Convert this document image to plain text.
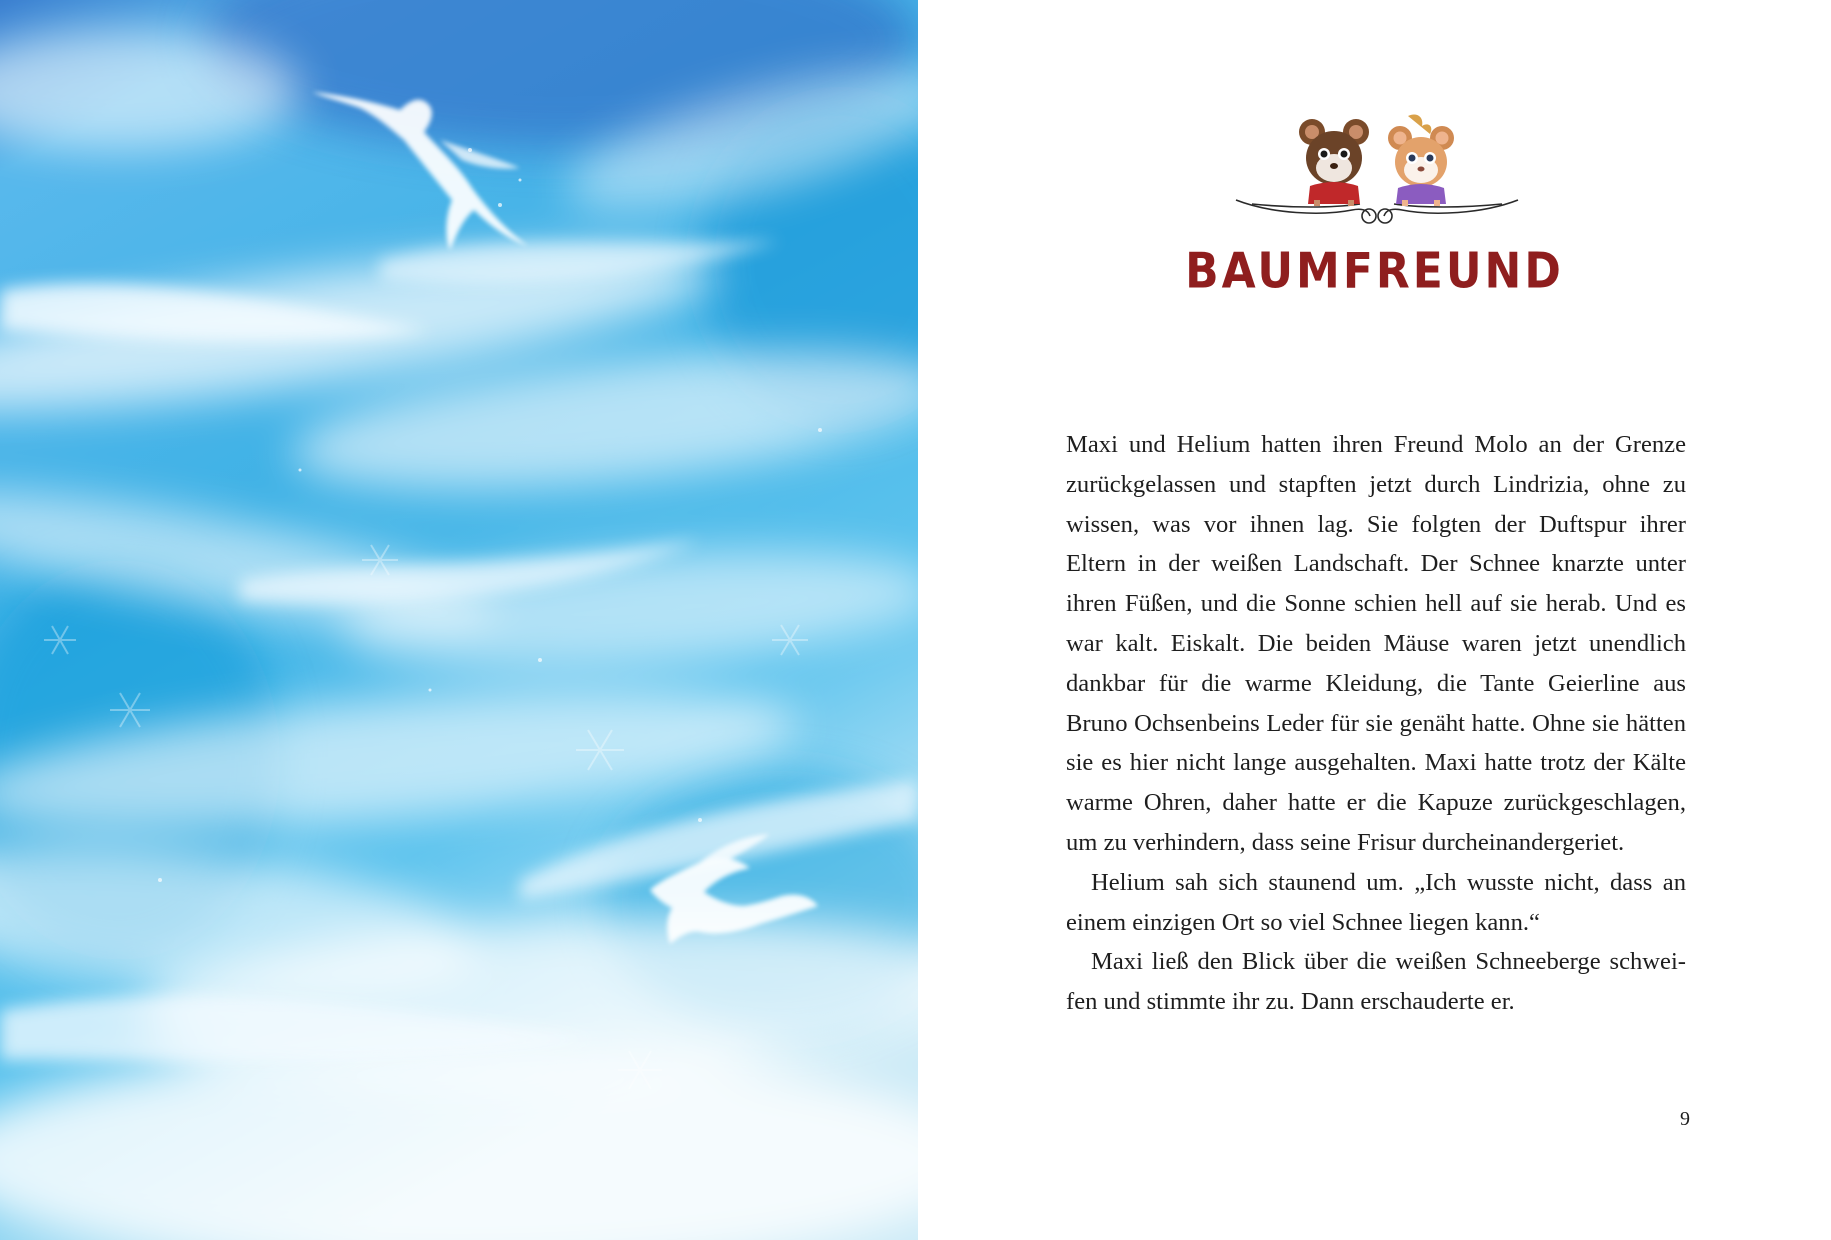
BAUMFREUND

Maxi und Helium hatten ihren Freund Molo an der Grenze zurückgelassen und stapften jetzt durch Lindrizia, ohne zu wissen, was vor ihnen lag. Sie folgten der Duftspur ihrer Eltern in der weißen Landschaft. Der Schnee knarzte unter ihren Füßen, und die Sonne schien hell auf sie herab. Und es war kalt. Eiskalt. Die beiden Mäuse waren jetzt unendlich dankbar für die warme Kleidung, die Tante Geierline aus Bruno Ochsenbeins Leder für sie genäht hatte. Ohne sie hätten sie es hier nicht lange ausgehalten. Maxi hatte trotz der Kälte warme Ohren, daher hatte er die Kapuze zurückgeschlagen, um zu verhindern, dass seine Frisur durcheinandergeriet.

Helium sah sich staunend um. „Ich wusste nicht, dass an einem einzigen Ort so viel Schnee liegen kann.“

Maxi ließ den Blick über die weißen Schneeberge schweifen und stimmte ihr zu. Dann erschauderte er.

9
